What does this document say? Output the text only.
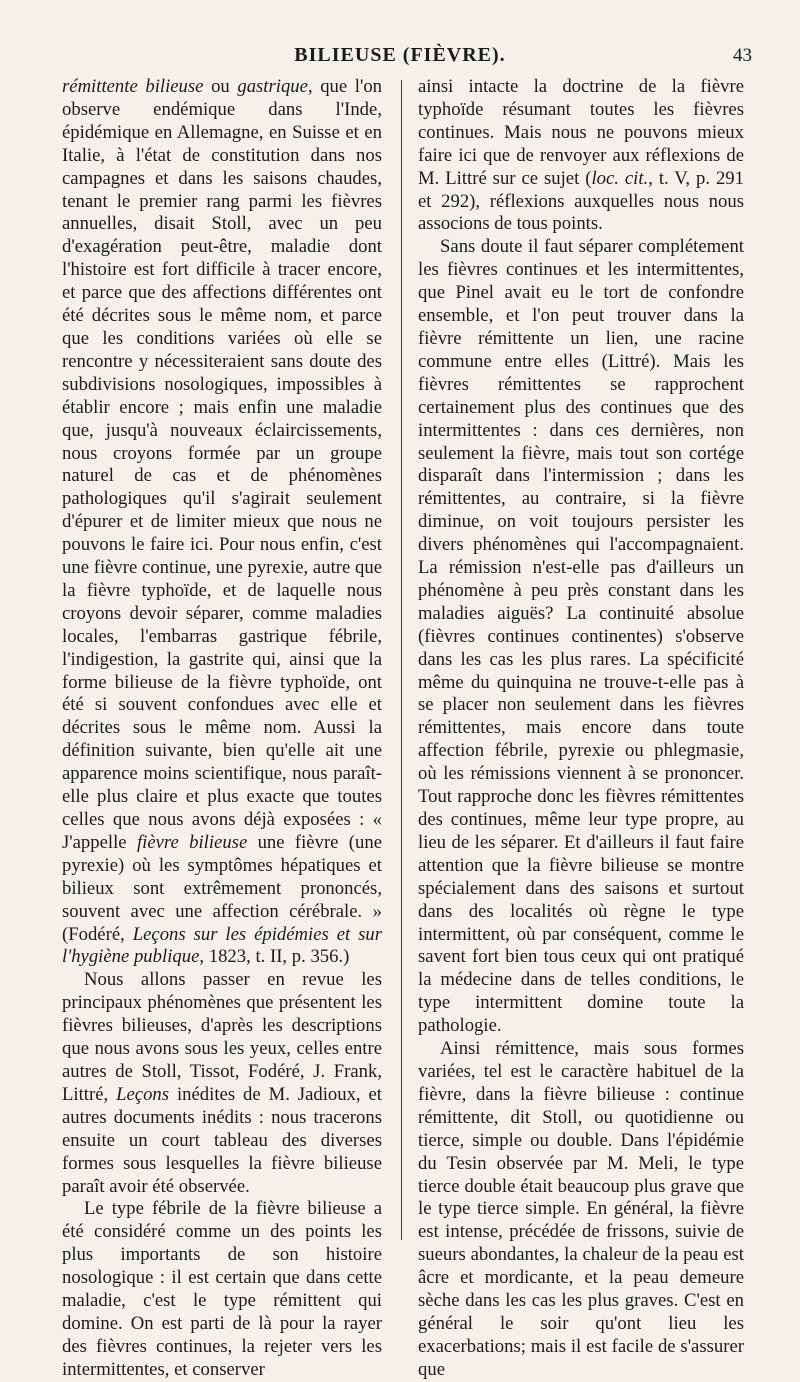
BILIEUSE (FIÈVRE).	43

rémittente bilieuse ou gastrique, que l'on observe endémique dans l'Inde, épidémique en Allemagne, en Suisse et en Italie, à l'état de constitution dans nos campagnes et dans les saisons chaudes, tenant le premier rang parmi les fièvres annuelles, disait Stoll, avec un peu d'exagération peut-être, maladie dont l'histoire est fort difficile à tracer encore, et parce que des affections différentes ont été décrites sous le même nom, et parce que les conditions variées où elle se rencontre y nécessiteraient sans doute des subdivisions nosologiques, impossibles à établir encore ; mais enfin une maladie que, jusqu'à nouveaux éclaircissements, nous croyons formée par un groupe naturel de cas et de phénomènes pathologiques qu'il s'agirait seulement d'épurer et de limiter mieux que nous ne pouvons le faire ici. Pour nous enfin, c'est une fièvre continue, une pyrexie, autre que la fièvre typhoïde, et de laquelle nous croyons devoir séparer, comme maladies locales, l'embarras gastrique fébrile, l'indigestion, la gastrite qui, ainsi que la forme bilieuse de la fièvre typhoïde, ont été si souvent confondues avec elle et décrites sous le même nom. Aussi la définition suivante, bien qu'elle ait une apparence moins scientifique, nous paraît-elle plus claire et plus exacte que toutes celles que nous avons déjà exposées : « J'appelle fièvre bilieuse une fièvre (une pyrexie) où les symptômes hépatiques et bilieux sont extrêmement prononcés, souvent avec une affection cérébrale. » (Fodéré, Leçons sur les épidémies et sur l'hygiène publique, 1823, t. II, p. 356.)

Nous allons passer en revue les principaux phénomènes que présentent les fièvres bilieuses, d'après les descriptions que nous avons sous les yeux, celles entre autres de Stoll, Tissot, Fodéré, J. Frank, Littré, Leçons inédites de M. Jadioux, et autres documents inédits : nous tracerons ensuite un court tableau des diverses formes sous lesquelles la fièvre bilieuse paraît avoir été observée.

Le type fébrile de la fièvre bilieuse a été considéré comme un des points les plus importants de son histoire nosologique : il est certain que dans cette maladie, c'est le type rémittent qui domine. On est parti de là pour la rayer des fièvres continues, la rejeter vers les intermittentes, et conserver

ainsi intacte la doctrine de la fièvre typhoïde résumant toutes les fièvres continues. Mais nous ne pouvons mieux faire ici que de renvoyer aux réflexions de M. Littré sur ce sujet (loc. cit., t. V, p. 291 et 292), réflexions auxquelles nous nous associons de tous points.

Sans doute il faut séparer complétement les fièvres continues et les intermittentes, que Pinel avait eu le tort de confondre ensemble, et l'on peut trouver dans la fièvre rémittente un lien, une racine commune entre elles (Littré). Mais les fièvres rémittentes se rapprochent certainement plus des continues que des intermittentes : dans ces dernières, non seulement la fièvre, mais tout son cortége disparaît dans l'intermission ; dans les rémittentes, au contraire, si la fièvre diminue, on voit toujours persister les divers phénomènes qui l'accompagnaient. La rémission n'est-elle pas d'ailleurs un phénomène à peu près constant dans les maladies aiguës? La continuité absolue (fièvres continues continentes) s'observe dans les cas les plus rares. La spécificité même du quinquina ne trouve-t-elle pas à se placer non seulement dans les fièvres rémittentes, mais encore dans toute affection fébrile, pyrexie ou phlegmasie, où les rémissions viennent à se prononcer. Tout rapproche donc les fièvres rémittentes des continues, même leur type propre, au lieu de les séparer. Et d'ailleurs il faut faire attention que la fièvre bilieuse se montre spécialement dans des saisons et surtout dans des localités où règne le type intermittent, où par conséquent, comme le savent fort bien tous ceux qui ont pratiqué la médecine dans de telles conditions, le type intermittent domine toute la pathologie.

Ainsi rémittence, mais sous formes variées, tel est le caractère habituel de la fièvre, dans la fièvre bilieuse : continue rémittente, dit Stoll, ou quotidienne ou tierce, simple ou double. Dans l'épidémie du Tesin observée par M. Meli, le type tierce double était beaucoup plus grave que le type tierce simple. En général, la fièvre est intense, précédée de frissons, suivie de sueurs abondantes, la chaleur de la peau est âcre et mordicante, et la peau demeure sèche dans les cas les plus graves. C'est en général le soir qu'ont lieu les exacerbations; mais il est facile de s'assurer que
